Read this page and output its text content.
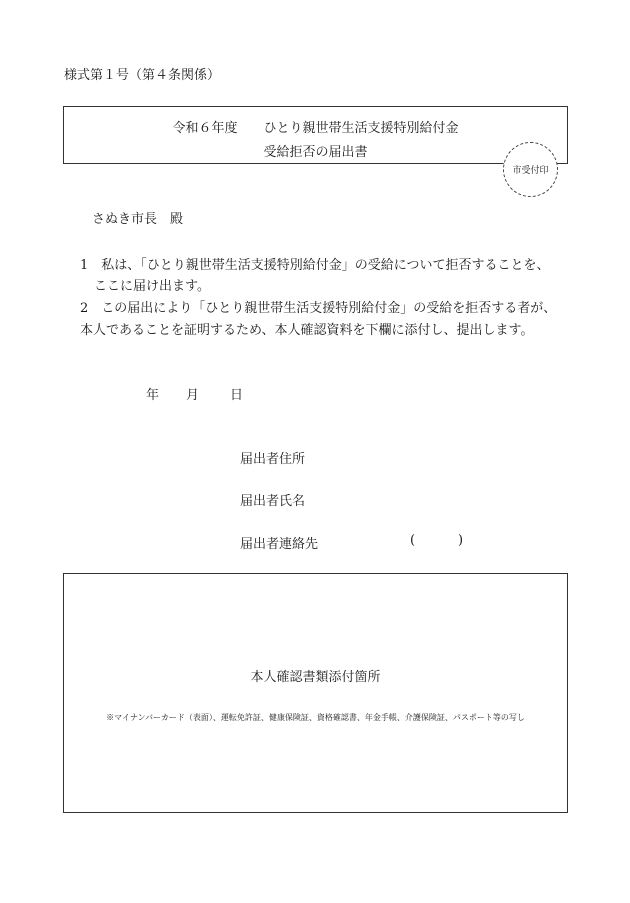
様式第１号（第４条関係）
令和６年度　　ひとり親世帯生活支援特別給付金
受給拒否の届出書
市受付印
さぬき市長　殿
1　私は、「ひとり親世帯生活支援特別給付金」の受給について拒否することを、
ここに届け出ます。
2　この届出により「ひとり親世帯生活支援特別給付金」の受給を拒否する者が、
本人であることを証明するため、本人確認資料を下欄に添付し、提出します。
年 月 日
届出者住所
届出者氏名
届出者連絡先	(	)
本人確認書類添付箇所
※マイナンバーカード（表面）、運転免許証、健康保険証、資格確認書、年金手帳、介護保険証、パスポート等の写し
